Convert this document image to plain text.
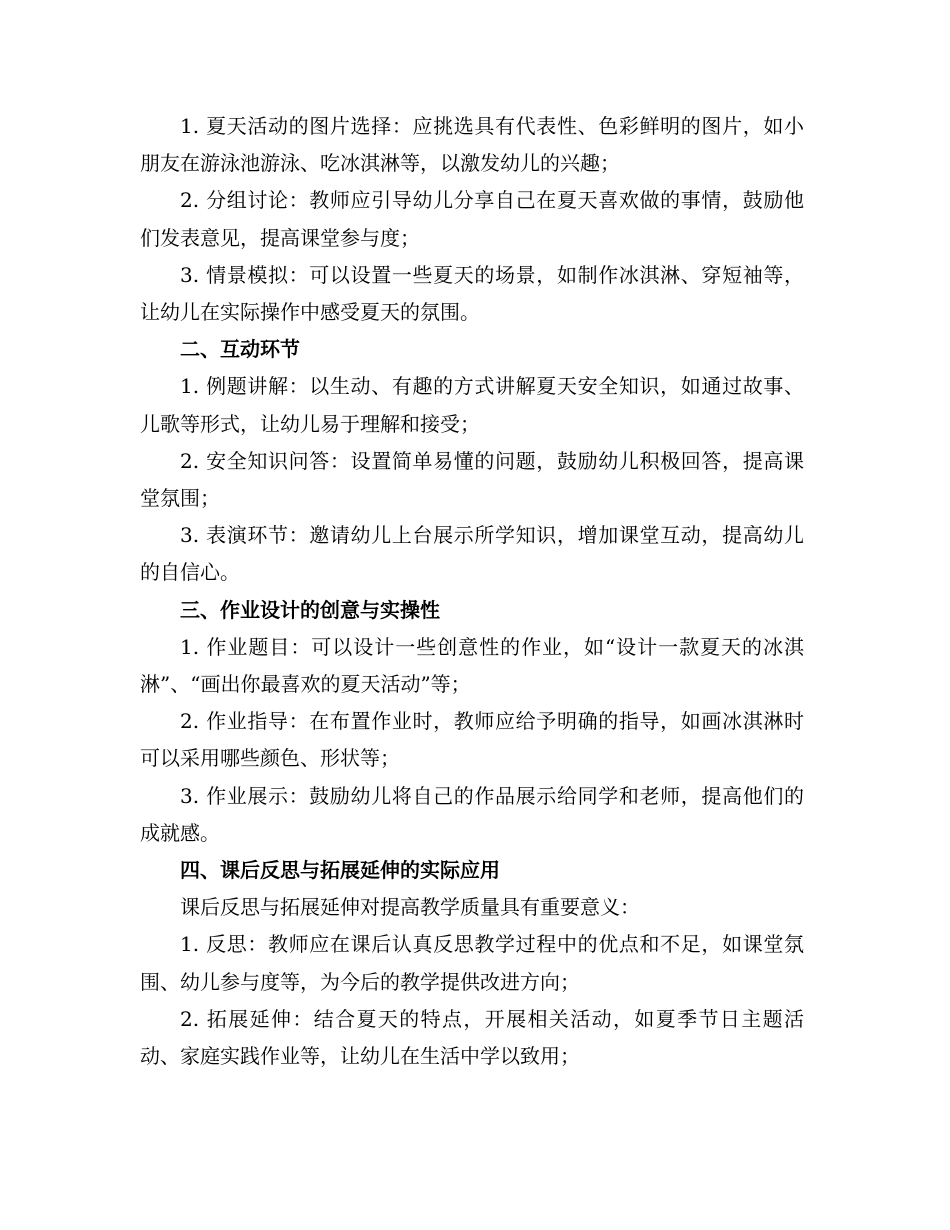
1. 夏天活动的图片选择：应挑选具有代表性、色彩鲜明的图片，如小朋友在游泳池游泳、吃冰淇淋等，以激发幼儿的兴趣；

2. 分组讨论：教师应引导幼儿分享自己在夏天喜欢做的事情，鼓励他们发表意见，提高课堂参与度；

3. 情景模拟：可以设置一些夏天的场景，如制作冰淇淋、穿短袖等，让幼儿在实际操作中感受夏天的氛围。

二、互动环节

1. 例题讲解：以生动、有趣的方式讲解夏天安全知识，如通过故事、儿歌等形式，让幼儿易于理解和接受；

2. 安全知识问答：设置简单易懂的问题，鼓励幼儿积极回答，提高课堂氛围；

3. 表演环节：邀请幼儿上台展示所学知识，增加课堂互动，提高幼儿的自信心。

三、作业设计的创意与实操性

1. 作业题目：可以设计一些创意性的作业，如“设计一款夏天的冰淇淋”、“画出你最喜欢的夏天活动”等；

2. 作业指导：在布置作业时，教师应给予明确的指导，如画冰淇淋时可以采用哪些颜色、形状等；

3. 作业展示：鼓励幼儿将自己的作品展示给同学和老师，提高他们的成就感。

四、课后反思与拓展延伸的实际应用

课后反思与拓展延伸对提高教学质量具有重要意义：

1. 反思：教师应在课后认真反思教学过程中的优点和不足，如课堂氛围、幼儿参与度等，为今后的教学提供改进方向；

2. 拓展延伸：结合夏天的特点，开展相关活动，如夏季节日主题活动、家庭实践作业等，让幼儿在生活中学以致用；
